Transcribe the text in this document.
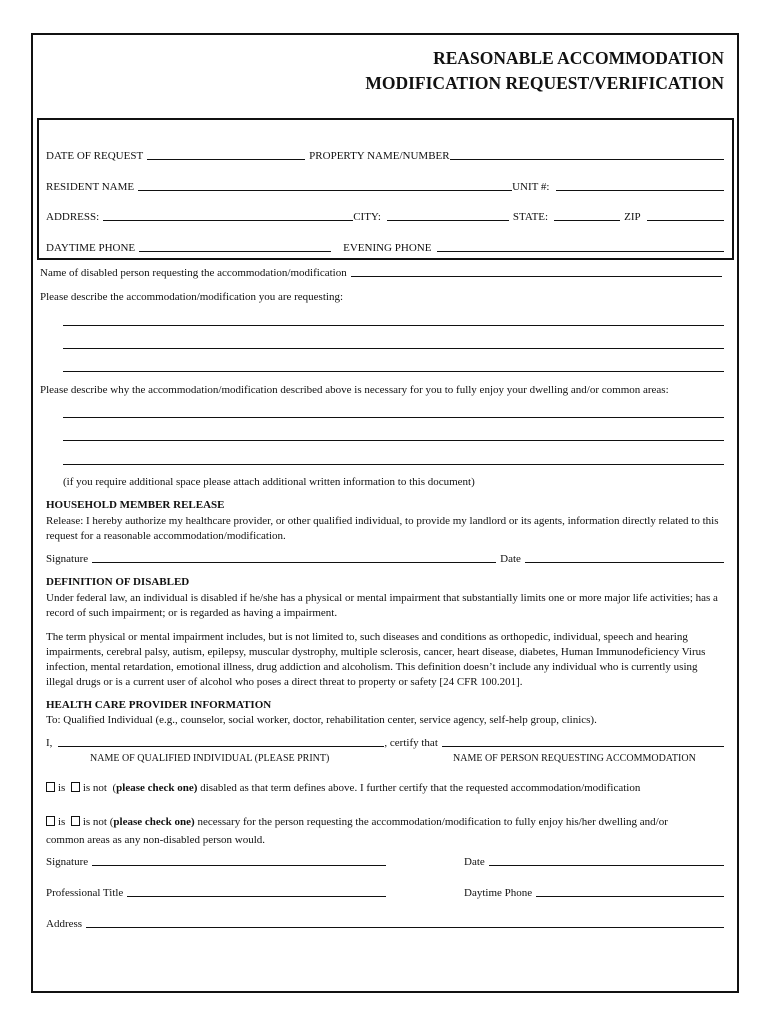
REASONABLE ACCOMMODATION
MODIFICATION REQUEST/VERIFICATION
DATE OF REQUEST	PROPERTY NAME/NUMBER
RESIDENT NAME	UNIT #:
ADDRESS:	CITY:	STATE:	ZIP
DAYTIME PHONE	EVENING PHONE
Name of disabled person requesting the accommodation/modification
Please describe the accommodation/modification you are requesting:
Please describe why the accommodation/modification described above is necessary for you to fully enjoy your dwelling and/or common areas:
(if you require additional space please attach additional written information to this document)
HOUSEHOLD MEMBER RELEASE
Release: I hereby authorize my healthcare provider, or other qualified individual, to provide my landlord or its agents, information directly related to this request for a reasonable accommodation/modification.
Signature	Date
DEFINITION OF DISABLED
Under federal law, an individual is disabled if he/she has a physical or mental impairment that substantially limits one or more major life activities; has a record of such impairment; or is regarded as having a impairment.
The term physical or mental impairment includes, but is not limited to, such diseases and conditions as orthopedic, individual, speech and hearing impairments, cerebral palsy, autism, epilepsy, muscular dystrophy, multiple sclerosis, cancer, heart disease, diabetes, Human Immunodeficiency Virus infection, mental retardation, emotional illness, drug addiction and alcoholism. This definition doesn’t include any individual who is currently using illegal drugs or is a current user of alcohol who poses a direct threat to property or safety [24 CFR 100.201].
HEALTH CARE PROVIDER INFORMATION
To: Qualified Individual (e.g., counselor, social worker, doctor, rehabilitation center, service agency, self-help group, clinics).
I,	, certify that
NAME OF QUALIFIED INDIVIDUAL (PLEASE PRINT)	NAME OF PERSON REQUESTING ACCOMMODATION
is is not (please check one) disabled as that term defines above. I further certify that the requested accommodation/modification
is is not (please check one) necessary for the person requesting the accommodation/modification to fully enjoy his/her dwelling and/or
common areas as any non-disabled person would.
Signature	Date
Professional Title	Daytime Phone
Address
